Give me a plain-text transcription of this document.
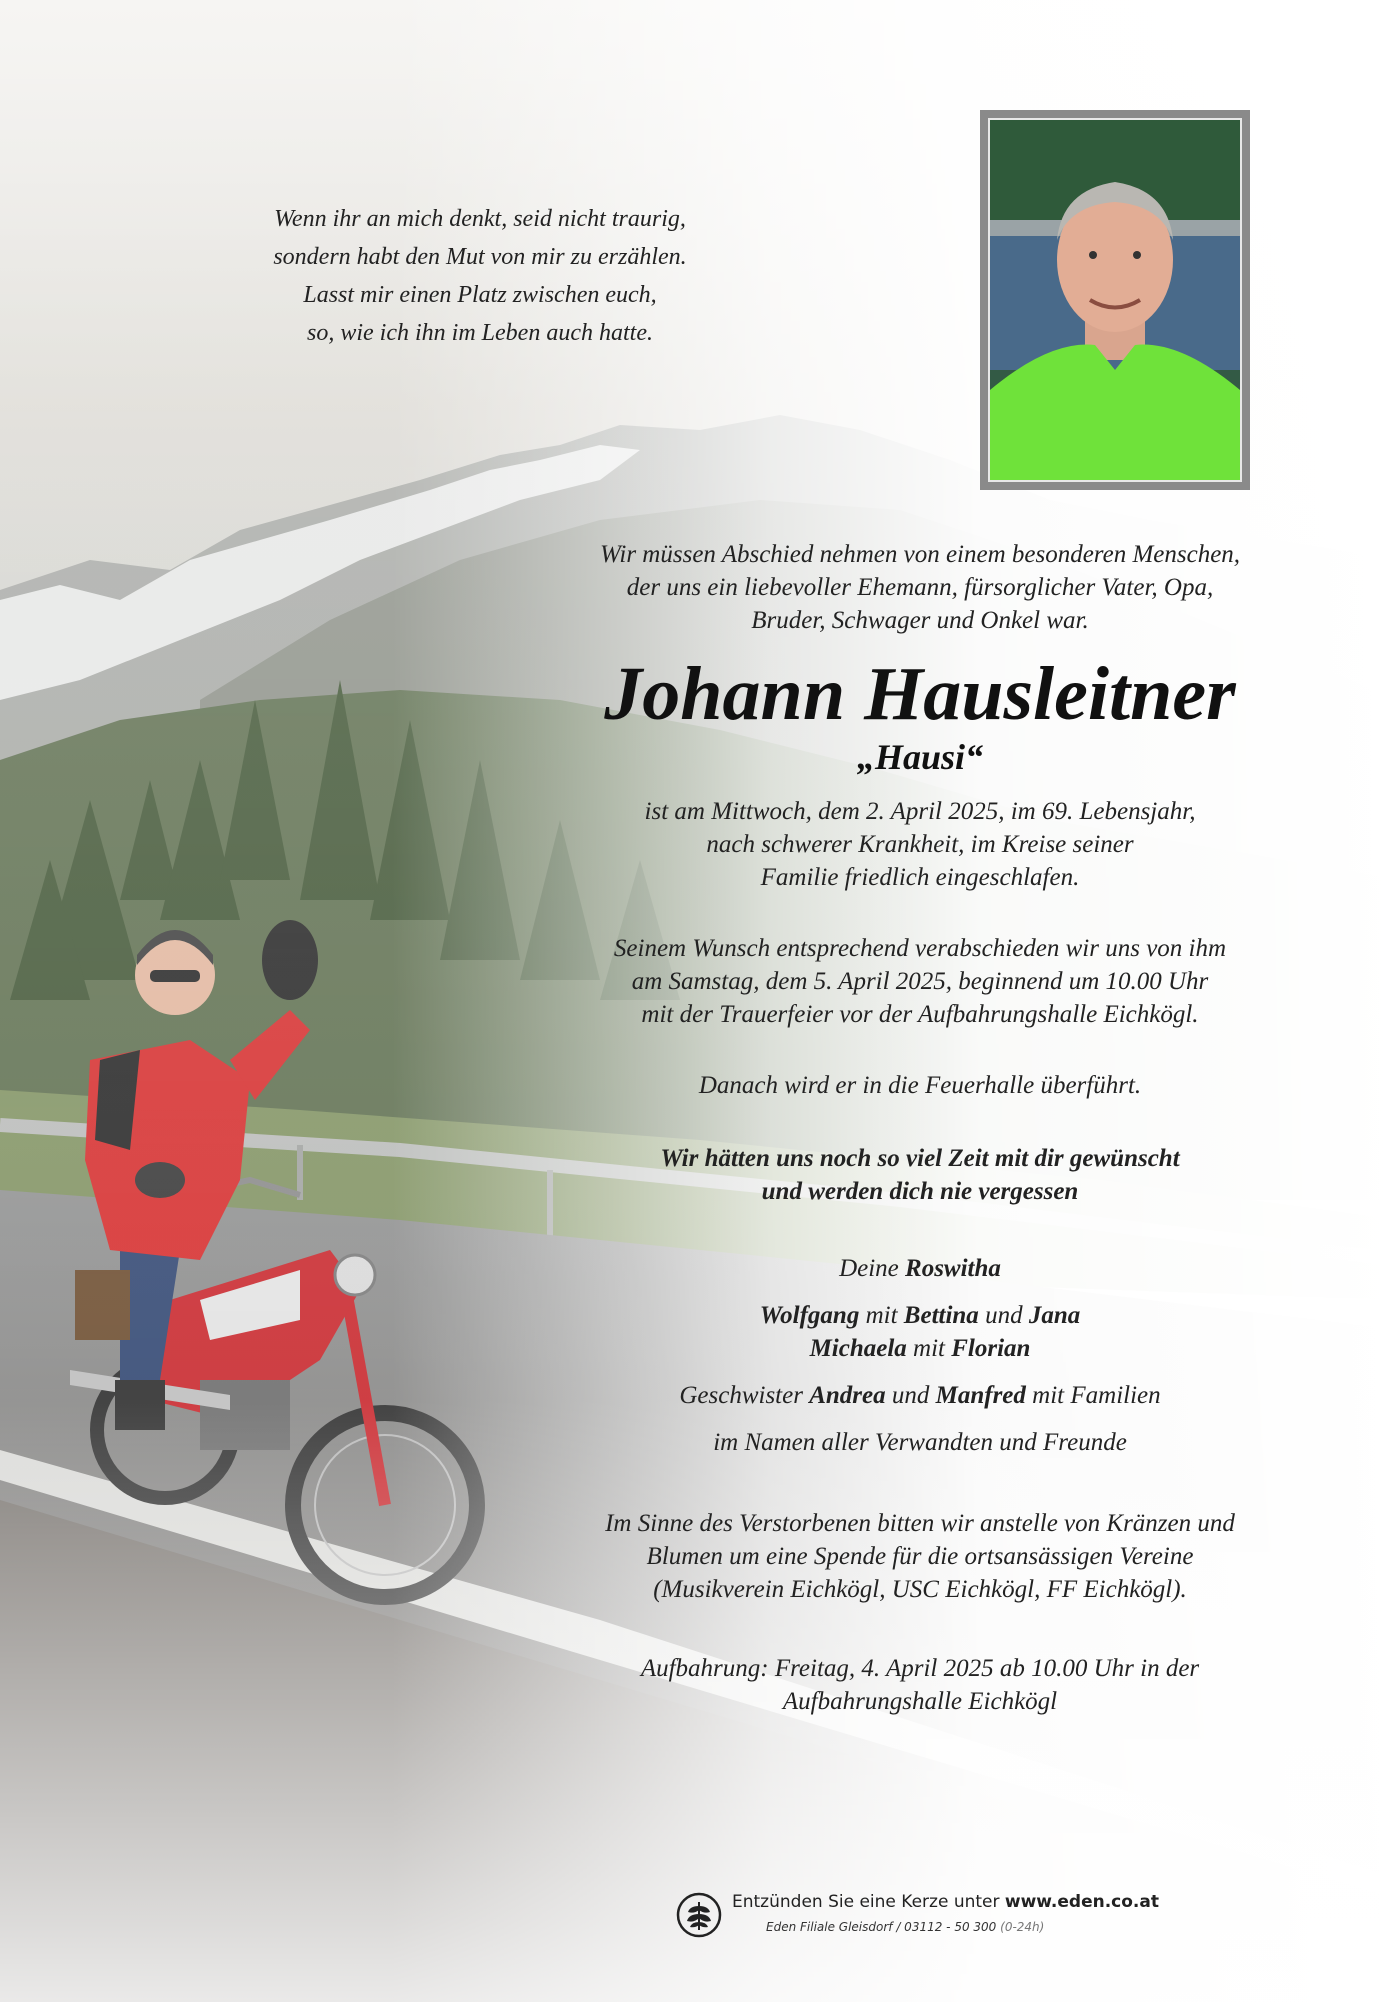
Wenn ihr an mich denkt, seid nicht traurig,
sondern habt den Mut von mir zu erzählen.
Lasst mir einen Platz zwischen euch,
so, wie ich ihn im Leben auch hatte.
Wir müssen Abschied nehmen von einem besonderen Menschen,
der uns ein liebevoller Ehemann, fürsorglicher Vater, Opa,
Bruder, Schwager und Onkel war.
Johann Hausleitner
„Hausi“
ist am Mittwoch, dem 2. April 2025, im 69. Lebensjahr,
nach schwerer Krankheit, im Kreise seiner
Familie friedlich eingeschlafen.
Seinem Wunsch entsprechend verabschieden wir uns von ihm
am Samstag, dem 5. April 2025, beginnend um 10.00 Uhr
mit der Trauerfeier vor der Aufbahrungshalle Eichkögl.
Danach wird er in die Feuerhalle überführt.
Wir hätten uns noch so viel Zeit mit dir gewünscht
und werden dich nie vergessen
Deine Roswitha
Wolfgang mit Bettina und Jana
Michaela mit Florian
Geschwister Andrea und Manfred mit Familien
im Namen aller Verwandten und Freunde
Im Sinne des Verstorbenen bitten wir anstelle von Kränzen und
Blumen um eine Spende für die ortsansässigen Vereine
(Musikverein Eichkögl, USC Eichkögl, FF Eichkögl).
Aufbahrung: Freitag, 4. April 2025 ab 10.00 Uhr in der
Aufbahrungshalle Eichkögl
Entzünden Sie eine Kerze unter www.eden.co.at
Eden Filiale Gleisdorf / 03112 - 50 300 (0-24h)
